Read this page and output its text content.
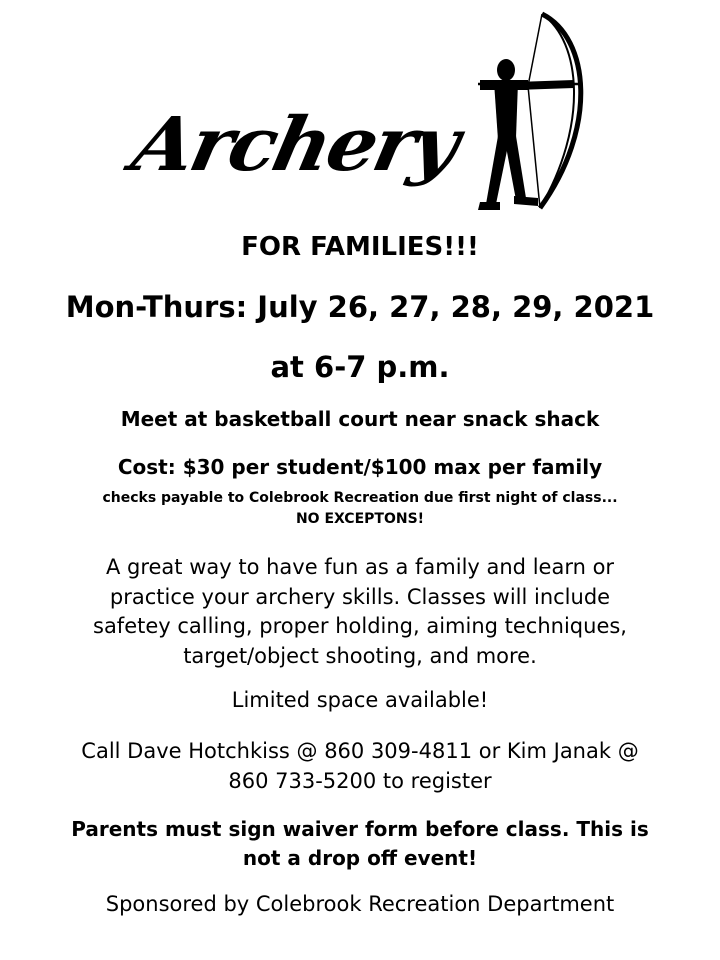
Archery
FOR FAMILIES!!!
Mon-Thurs: July 26, 27, 28, 29, 2021
at 6-7 p.m.
Meet at basketball court near snack shack
Cost: $30 per student/$100 max per family
checks payable to Colebrook Recreation due first night of class...
NO EXCEPTONS!
A great way to have fun as a family and learn or
practice your archery skills. Classes will include
safetey calling, proper holding, aiming techniques,
target/object shooting, and more.
Limited space available!
Call Dave Hotchkiss @ 860 309-4811 or Kim Janak @
860 733-5200 to register
Parents must sign waiver form before class. This is
not a drop off event!
Sponsored by Colebrook Recreation Department
